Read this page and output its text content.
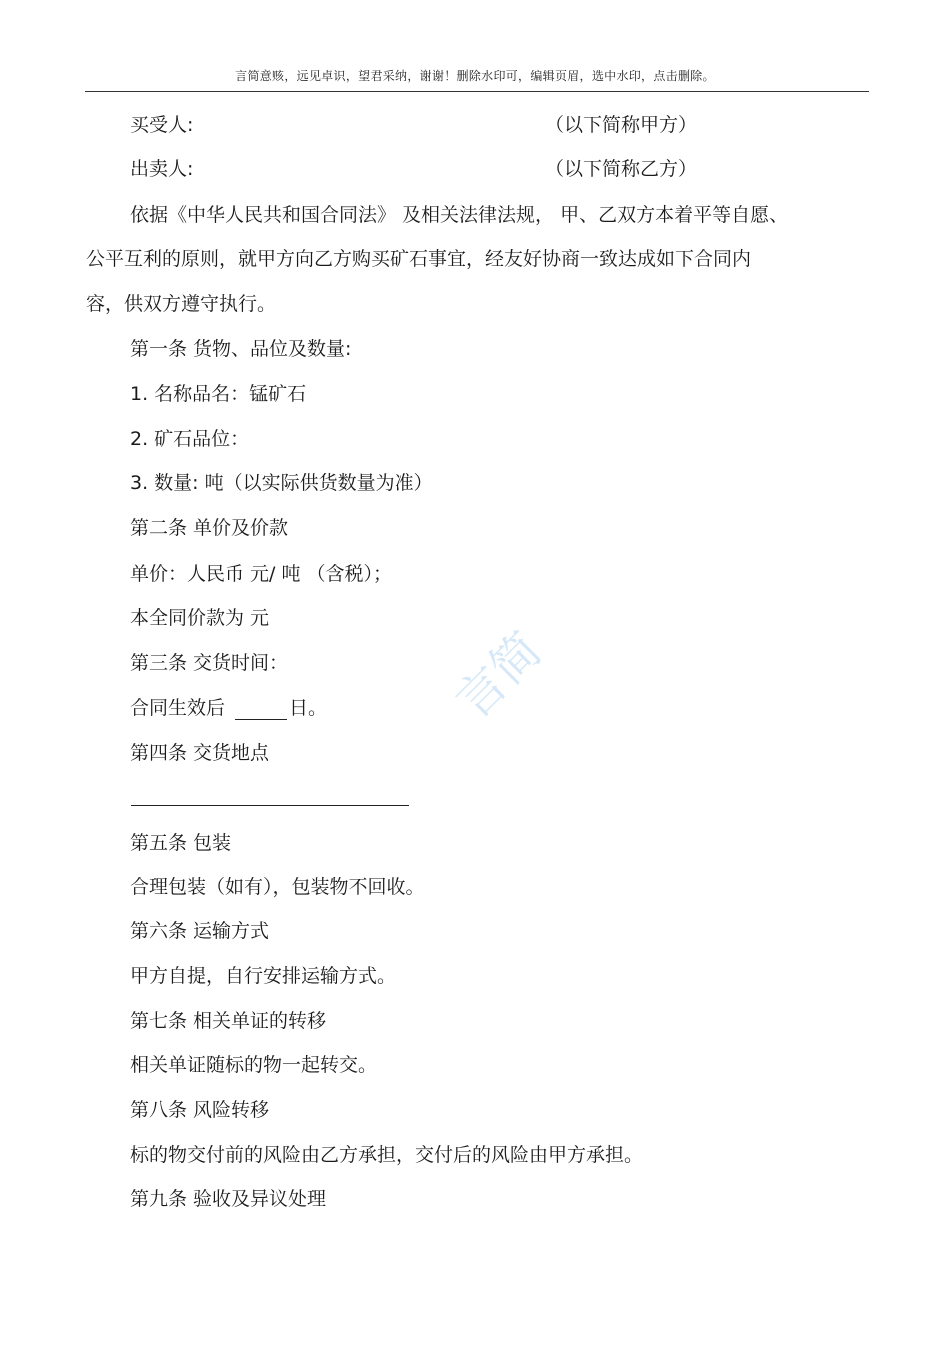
言简意赅，远见卓识，望君采纳，谢谢！删除水印可，编辑页眉，选中水印，点击删除。
买受人:	（以下简称甲方）
出卖人:	（以下简称乙方）
依据《中华人民共和国合同法》 及相关法律法规， 甲、乙双方本着平等自愿、
公平互利的原则，就甲方向乙方购买矿石事宜，经友好协商一致达成如下合同内
容，供双方遵守执行。
第一条 货物、品位及数量:
1. 名称品名：锰矿石
2. 矿石品位：
3. 数量: 吨（以实际供货数量为准）
第二条 单价及价款
单价：人民币 元/ 吨 （含税）；
本全同价款为 元
第三条 交货时间：
合同生效后	日。
第四条 交货地点
第五条 包装
合理包装（如有），包装物不回收。
第六条 运输方式
甲方自提，自行安排运输方式。
第七条 相关单证的转移
相关单证随标的物一起转交。
第八条 风险转移
标的物交付前的风险由乙方承担，交付后的风险由甲方承担。
第九条 验收及异议处理
言简
